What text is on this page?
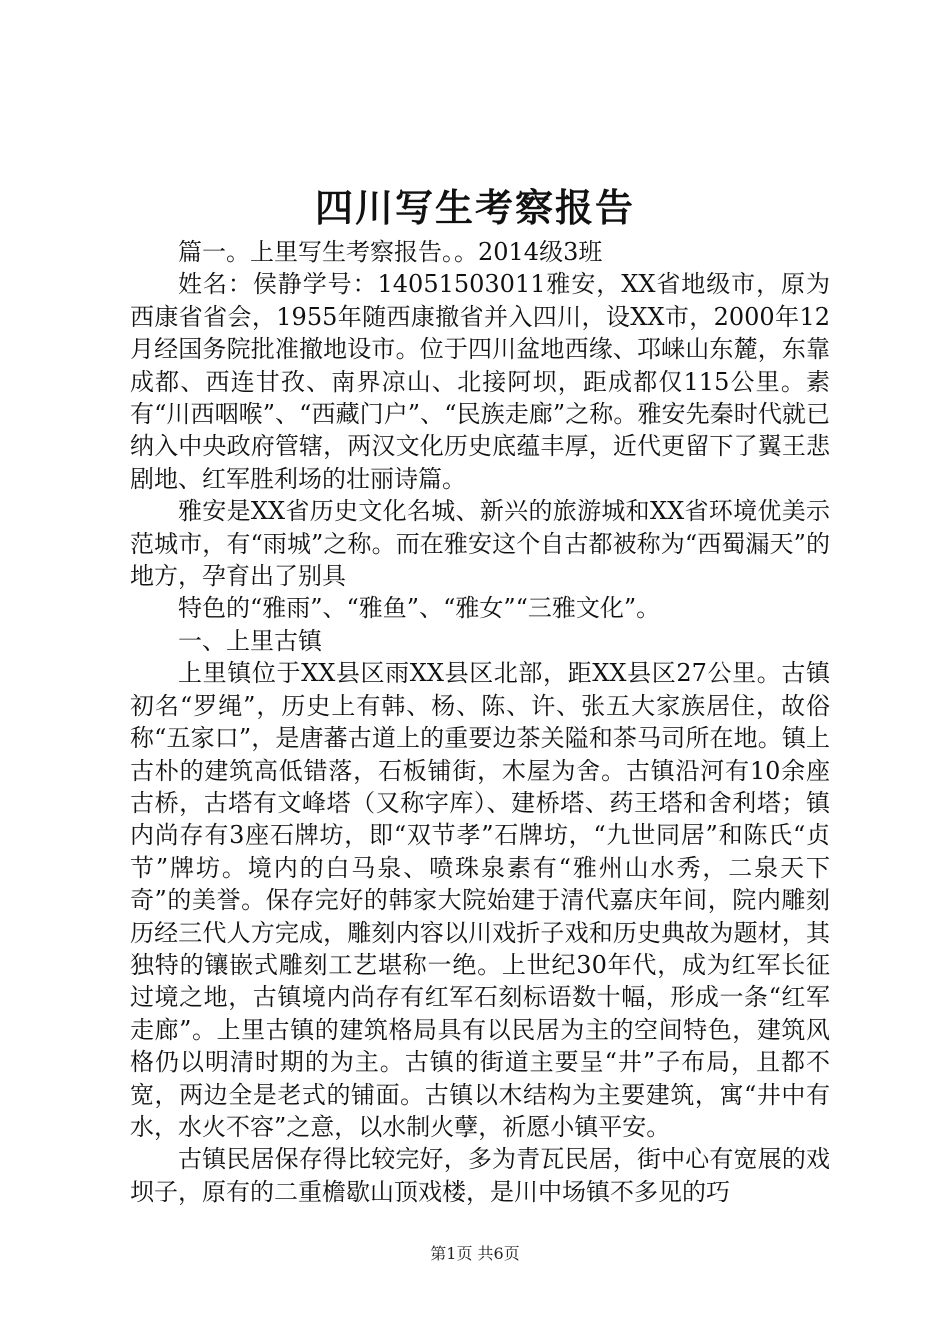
四川写生考察报告

篇一。上里写生考察报告。。2014级3班

姓名：侯静学号：14051503011雅安，XX省地级市，原为西康省省会，1955年随西康撤省并入四川，设XX市，2000年12月经国务院批准撤地设市。位于四川盆地西缘、邛崃山东麓，东靠成都、西连甘孜、南界凉山、北接阿坝，距成都仅115公里。素有“川西咽喉”、“西藏门户”、“民族走廊”之称。雅安先秦时代就已纳入中央政府管辖，两汉文化历史底蕴丰厚，近代更留下了翼王悲剧地、红军胜利场的壮丽诗篇。

雅安是XX省历史文化名城、新兴的旅游城和XX省环境优美示范城市，有“雨城”之称。而在雅安这个自古都被称为“西蜀漏天”的地方，孕育出了别具

特色的“雅雨”、“雅鱼”、“雅女”“三雅文化”。

一、上里古镇

上里镇位于XX县区雨XX县区北部，距XX县区27公里。古镇初名“罗绳”，历史上有韩、杨、陈、许、张五大家族居住，故俗称“五家口”，是唐蕃古道上的重要边茶关隘和茶马司所在地。镇上古朴的建筑高低错落，石板铺街，木屋为舍。古镇沿河有10余座古桥，古塔有文峰塔（又称字库）、建桥塔、药王塔和舍利塔；镇内尚存有3座石牌坊，即“双节孝”石牌坊，“九世同居”和陈氏“贞节”牌坊。境内的白马泉、喷珠泉素有“雅州山水秀，二泉天下奇”的美誉。保存完好的韩家大院始建于清代嘉庆年间，院内雕刻历经三代人方完成，雕刻内容以川戏折子戏和历史典故为题材，其独特的镶嵌式雕刻工艺堪称一绝。上世纪30年代，成为红军长征过境之地，古镇境内尚存有红军石刻标语数十幅，形成一条“红军走廊”。上里古镇的建筑格局具有以民居为主的空间特色，建筑风格仍以明清时期的为主。古镇的街道主要呈“井”子布局，且都不宽，两边全是老式的铺面。古镇以木结构为主要建筑，寓“井中有水，水火不容”之意，以水制火孽，祈愿小镇平安。

古镇民居保存得比较完好，多为青瓦民居，街中心有宽展的戏坝子，原有的二重檐歇山顶戏楼，是川中场镇不多见的巧

第1页 共6页
